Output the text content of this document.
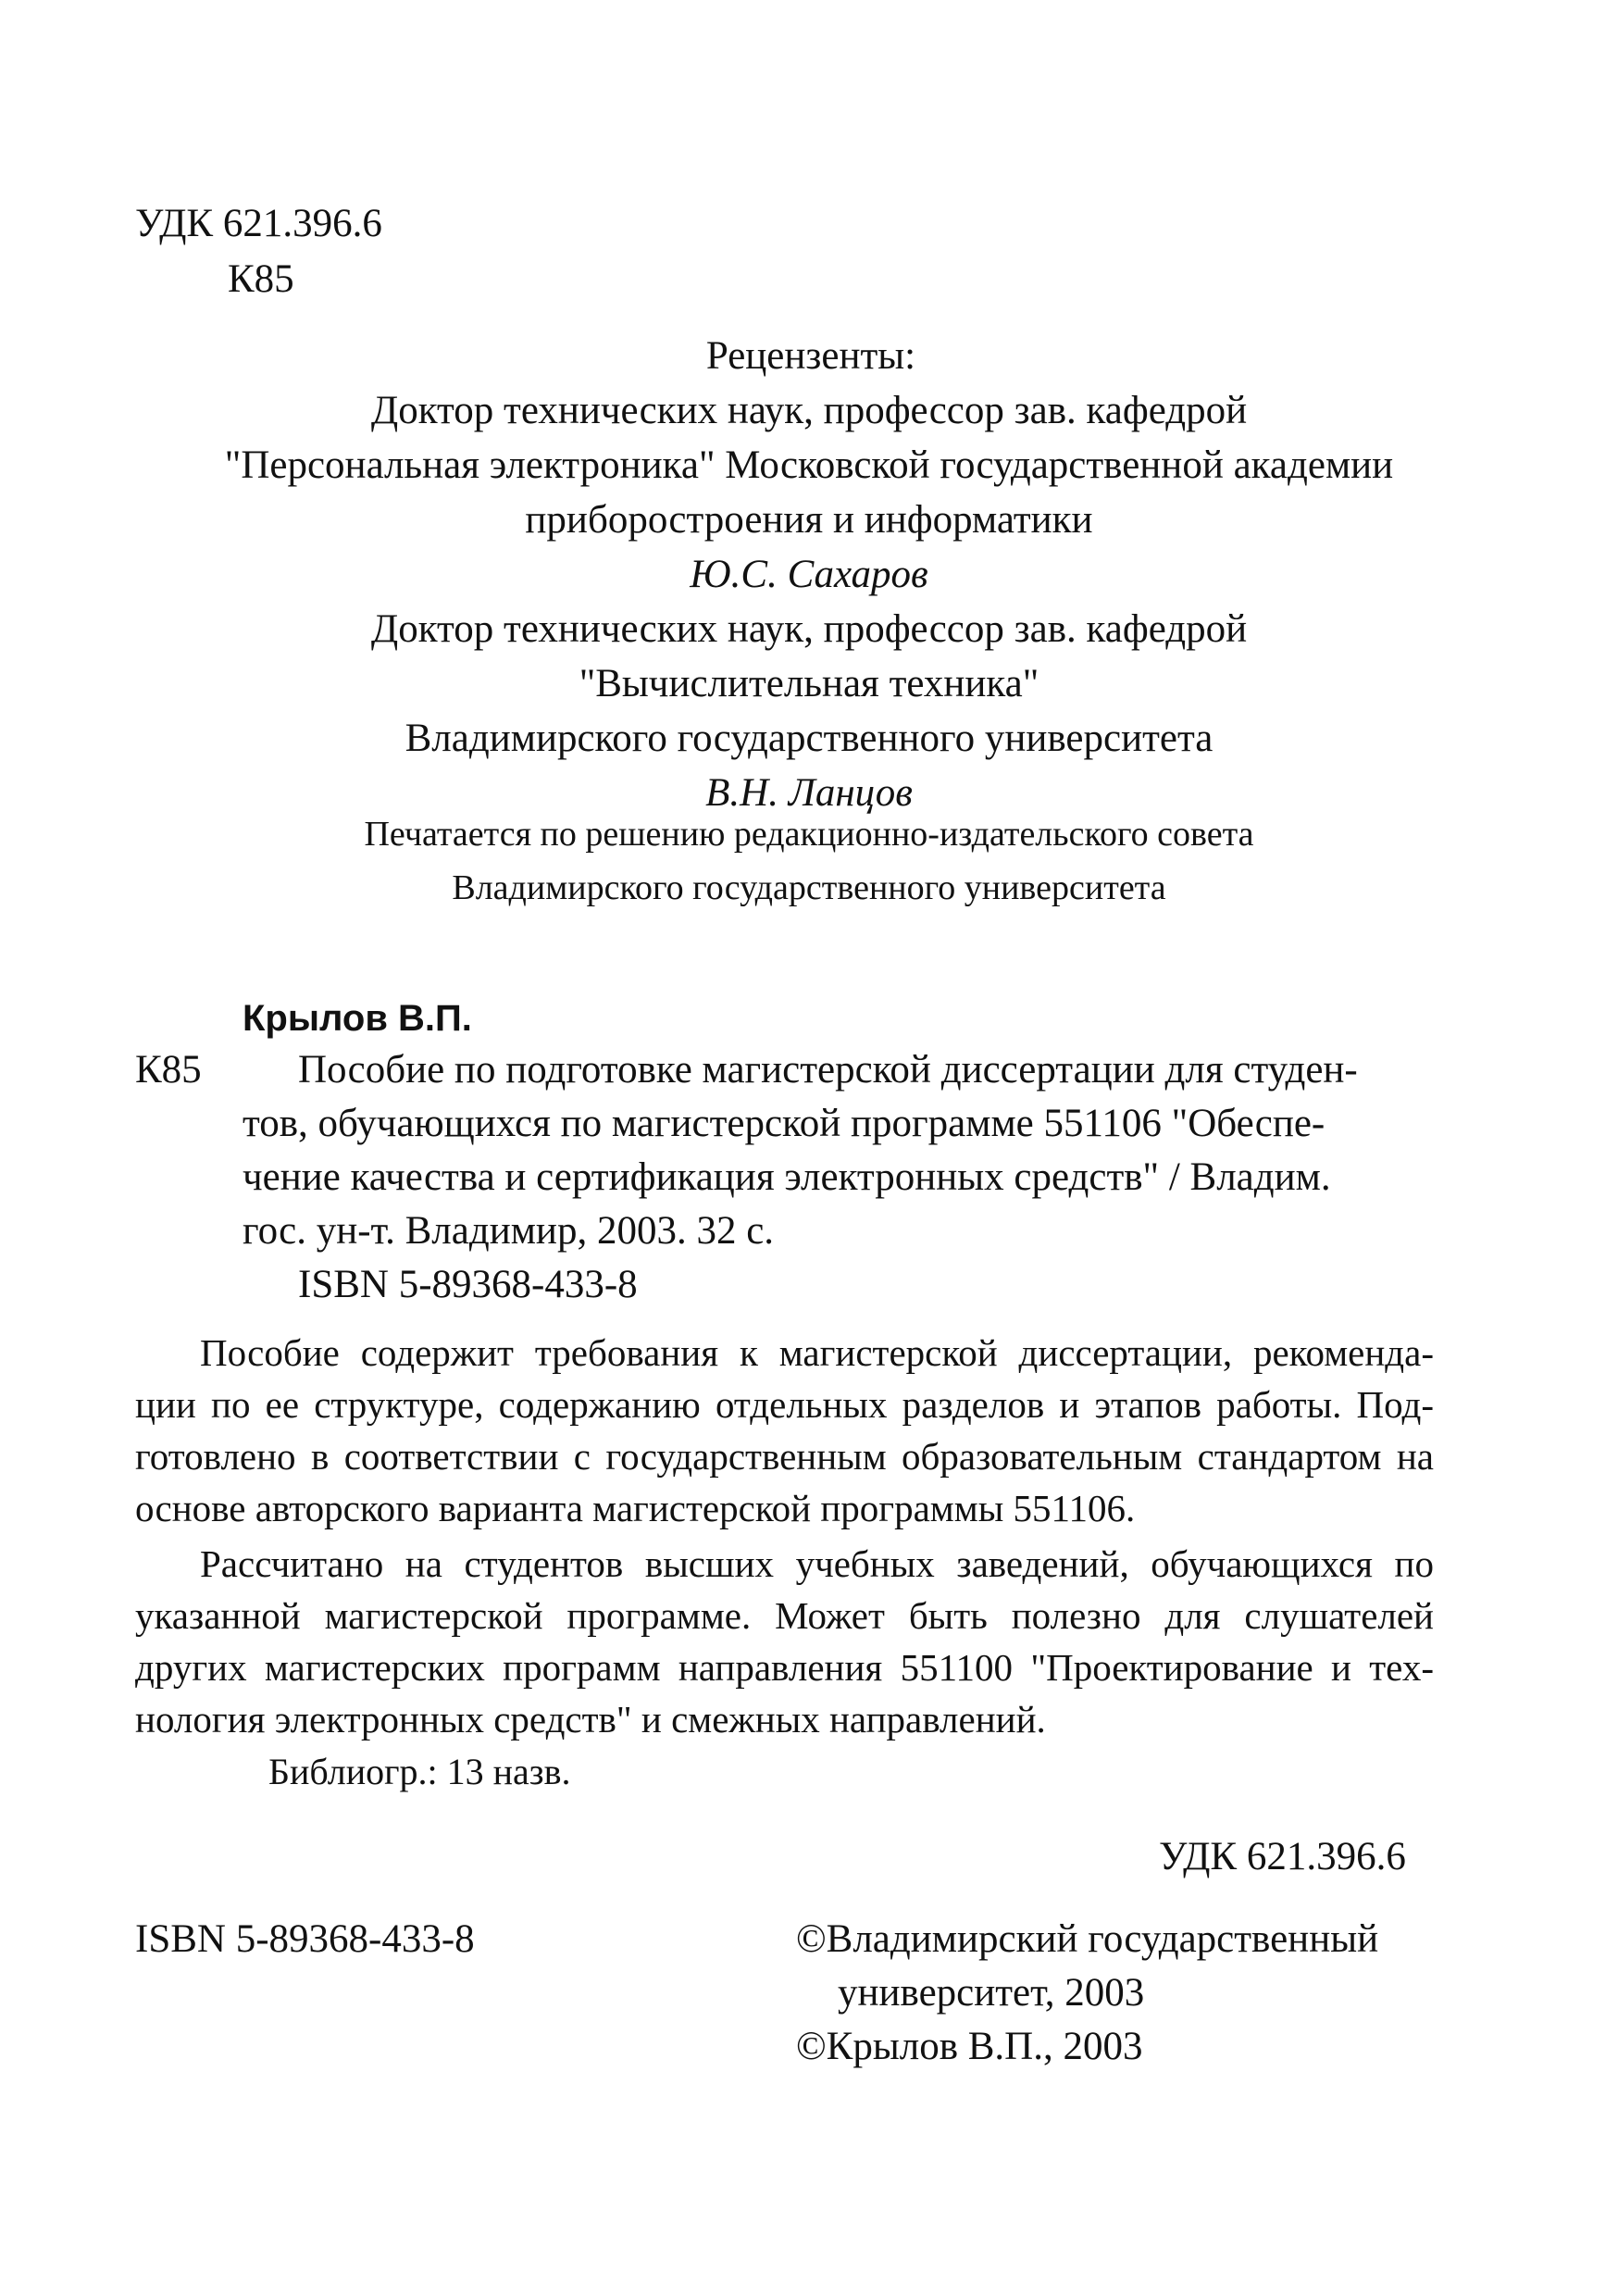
УДК 621.396.6
К85
Рецензенты:
Доктор технических наук, профессор зав. кафедрой
"Персональная электроника" Московской государственной академии
приборостроения и информатики
Ю.С. Сахаров
Доктор технических наук, профессор зав. кафедрой
"Вычислительная техника"
Владимирского государственного университета
В.Н. Ланцов
Печатается по решению редакционно-издательского совета
Владимирского государственного университета
Крылов В.П.
К85 Пособие по подготовке магистерской диссертации для студен-
тов, обучающихся по магистерской программе 551106 "Обеспе-
чение качества и сертификация электронных средств" / Владим.
гос. ун-т. Владимир, 2003. 32 с.
ISBN 5-89368-433-8
Пособие содержит требования к магистерской диссертации, рекоменда-
ции по ее структуре, содержанию отдельных разделов и этапов работы. Под-
готовлено в соответствии с государственным образовательным стандартом на
основе авторского варианта магистерской программы 551106.
Рассчитано на студентов высших учебных заведений, обучающихся по
указанной магистерской программе. Может быть полезно для слушателей
других магистерских программ направления 551100 "Проектирование и тех-
нология электронных средств" и смежных направлений.
Библиогр.: 13 назв.
УДК 621.396.6
ISBN 5-89368-433-8	©Владимирский государственный
университет, 2003
©Крылов В.П., 2003
